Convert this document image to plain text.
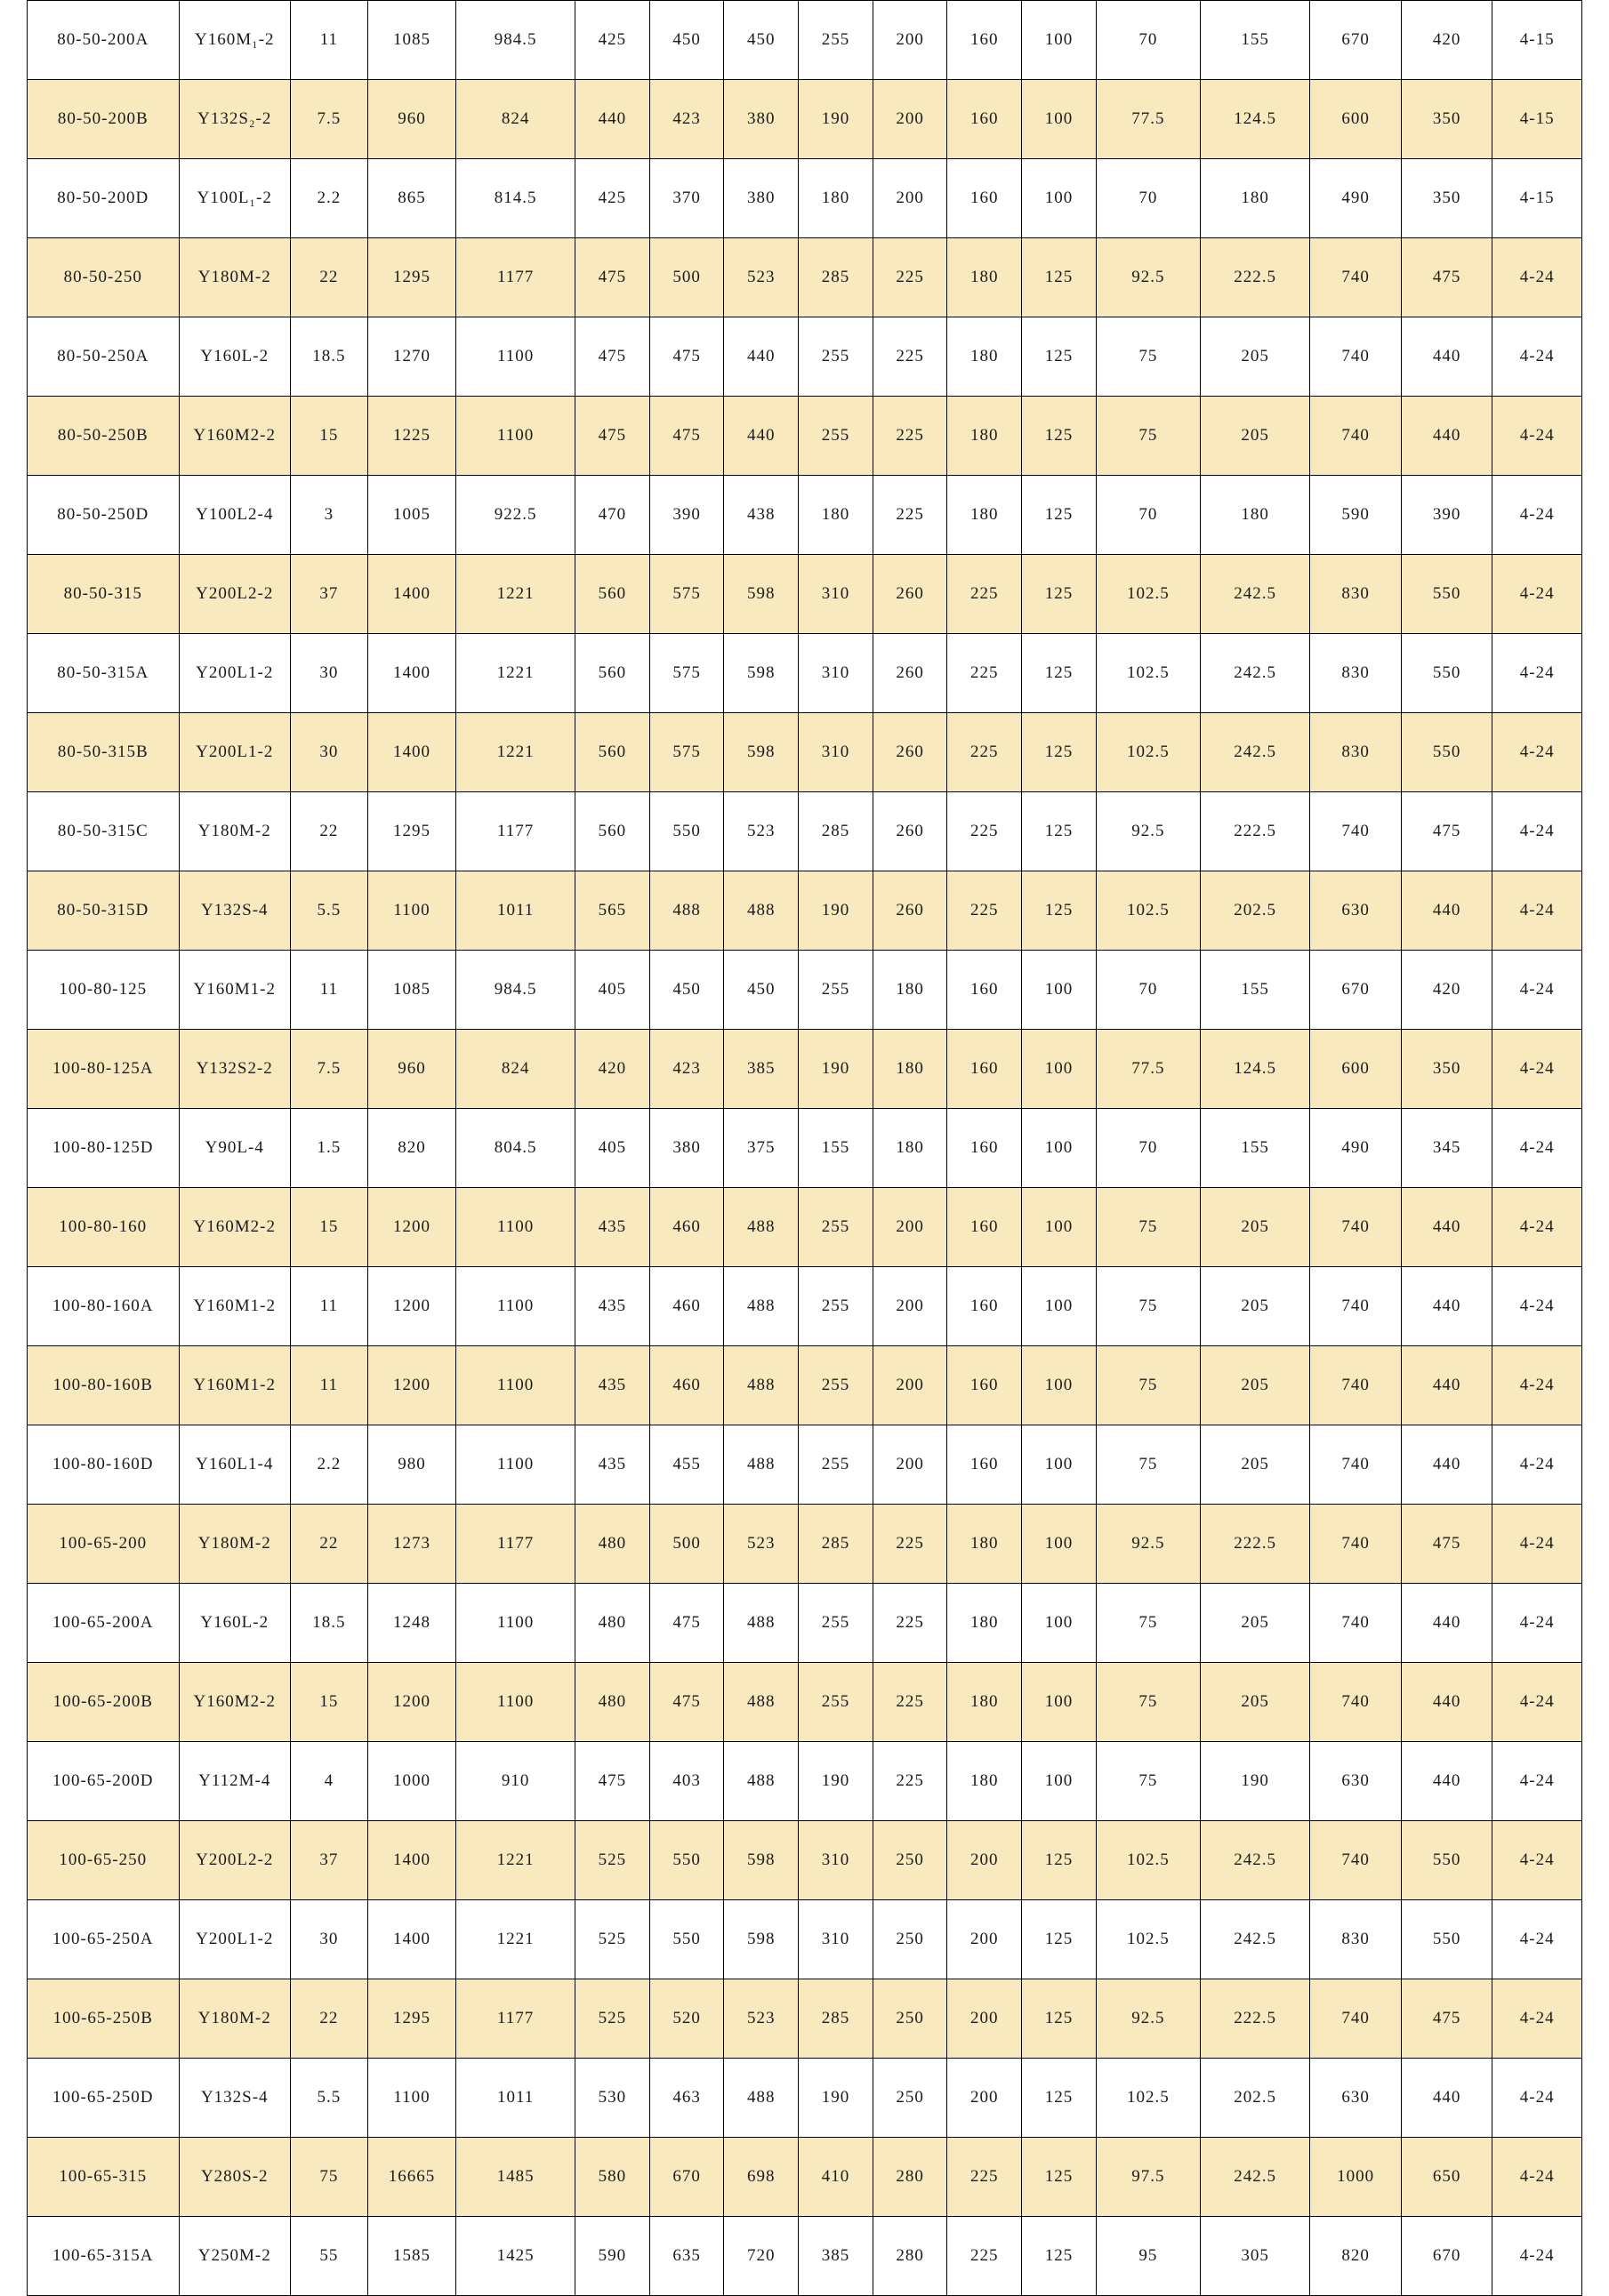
80-50-200A	Y160M₁-2	11	1085	984.5	425	450	450	255	200	160	100	70	155	670	420	4-15
80-50-200B	Y132S₂-2	7.5	960	824	440	423	380	190	200	160	100	77.5	124.5	600	350	4-15
80-50-200D	Y100L₁-2	2.2	865	814.5	425	370	380	180	200	160	100	70	180	490	350	4-15
80-50-250	Y180M-2	22	1295	1177	475	500	523	285	225	180	125	92.5	222.5	740	475	4-24
80-50-250A	Y160L-2	18.5	1270	1100	475	475	440	255	225	180	125	75	205	740	440	4-24
80-50-250B	Y160M2-2	15	1225	1100	475	475	440	255	225	180	125	75	205	740	440	4-24
80-50-250D	Y100L2-4	3	1005	922.5	470	390	438	180	225	180	125	70	180	590	390	4-24
80-50-315	Y200L2-2	37	1400	1221	560	575	598	310	260	225	125	102.5	242.5	830	550	4-24
80-50-315A	Y200L1-2	30	1400	1221	560	575	598	310	260	225	125	102.5	242.5	830	550	4-24
80-50-315B	Y200L1-2	30	1400	1221	560	575	598	310	260	225	125	102.5	242.5	830	550	4-24
80-50-315C	Y180M-2	22	1295	1177	560	550	523	285	260	225	125	92.5	222.5	740	475	4-24
80-50-315D	Y132S-4	5.5	1100	1011	565	488	488	190	260	225	125	102.5	202.5	630	440	4-24
100-80-125	Y160M1-2	11	1085	984.5	405	450	450	255	180	160	100	70	155	670	420	4-24
100-80-125A	Y132S2-2	7.5	960	824	420	423	385	190	180	160	100	77.5	124.5	600	350	4-24
100-80-125D	Y90L-4	1.5	820	804.5	405	380	375	155	180	160	100	70	155	490	345	4-24
100-80-160	Y160M2-2	15	1200	1100	435	460	488	255	200	160	100	75	205	740	440	4-24
100-80-160A	Y160M1-2	11	1200	1100	435	460	488	255	200	160	100	75	205	740	440	4-24
100-80-160B	Y160M1-2	11	1200	1100	435	460	488	255	200	160	100	75	205	740	440	4-24
100-80-160D	Y160L1-4	2.2	980	1100	435	455	488	255	200	160	100	75	205	740	440	4-24
100-65-200	Y180M-2	22	1273	1177	480	500	523	285	225	180	100	92.5	222.5	740	475	4-24
100-65-200A	Y160L-2	18.5	1248	1100	480	475	488	255	225	180	100	75	205	740	440	4-24
100-65-200B	Y160M2-2	15	1200	1100	480	475	488	255	225	180	100	75	205	740	440	4-24
100-65-200D	Y112M-4	4	1000	910	475	403	488	190	225	180	100	75	190	630	440	4-24
100-65-250	Y200L2-2	37	1400	1221	525	550	598	310	250	200	125	102.5	242.5	740	550	4-24
100-65-250A	Y200L1-2	30	1400	1221	525	550	598	310	250	200	125	102.5	242.5	830	550	4-24
100-65-250B	Y180M-2	22	1295	1177	525	520	523	285	250	200	125	92.5	222.5	740	475	4-24
100-65-250D	Y132S-4	5.5	1100	1011	530	463	488	190	250	200	125	102.5	202.5	630	440	4-24
100-65-315	Y280S-2	75	16665	1485	580	670	698	410	280	225	125	97.5	242.5	1000	650	4-24
100-65-315A	Y250M-2	55	1585	1425	590	635	720	385	280	225	125	95	305	820	670	4-24
